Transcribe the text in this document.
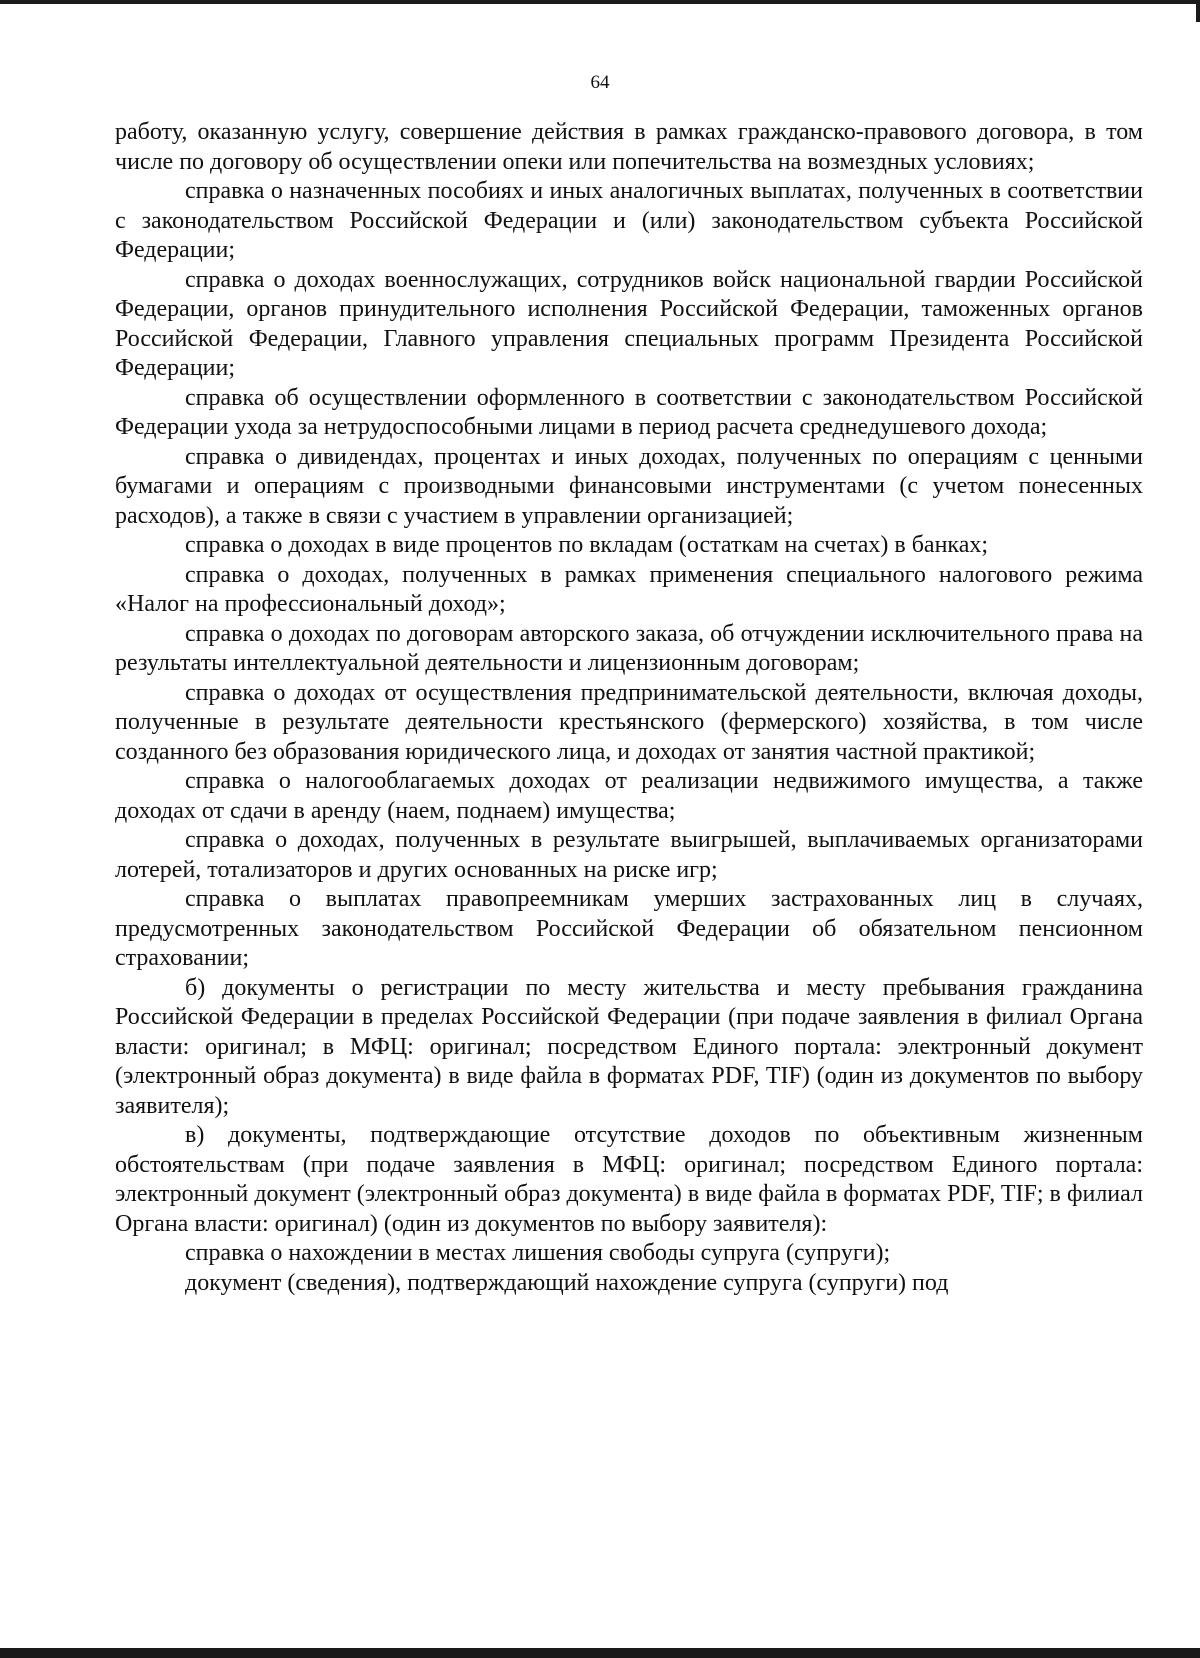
64

работу, оказанную услугу, совершение действия в рамках гражданско-правового договора, в том числе по договору об осуществлении опеки или попечительства на возмездных условиях;

справка о назначенных пособиях и иных аналогичных выплатах, полученных в соответствии с законодательством Российской Федерации и (или) законодательством субъекта Российской Федерации;

справка о доходах военнослужащих, сотрудников войск национальной гвардии Российской Федерации, органов принудительного исполнения Российской Федерации, таможенных органов Российской Федерации, Главного управления специальных программ Президента Российской Федерации;

справка об осуществлении оформленного в соответствии с законодательством Российской Федерации ухода за нетрудоспособными лицами в период расчета среднедушевого дохода;

справка о дивидендах, процентах и иных доходах, полученных по операциям с ценными бумагами и операциям с производными финансовыми инструментами (с учетом понесенных расходов), а также в связи с участием в управлении организацией;

справка о доходах в виде процентов по вкладам (остаткам на счетах) в банках;

справка о доходах, полученных в рамках применения специального налогового режима «Налог на профессиональный доход»;

справка о доходах по договорам авторского заказа, об отчуждении исключительного права на результаты интеллектуальной деятельности и лицензионным договорам;

справка о доходах от осуществления предпринимательской деятельности, включая доходы, полученные в результате деятельности крестьянского (фермерского) хозяйства, в том числе созданного без образования юридического лица, и доходах от занятия частной практикой;

справка о налогооблагаемых доходах от реализации недвижимого имущества, а также доходах от сдачи в аренду (наем, поднаем) имущества;

справка о доходах, полученных в результате выигрышей, выплачиваемых организаторами лотерей, тотализаторов и других основанных на риске игр;

справка о выплатах правопреемникам умерших застрахованных лиц в случаях, предусмотренных законодательством Российской Федерации об обязательном пенсионном страховании;

б) документы о регистрации по месту жительства и месту пребывания гражданина Российской Федерации в пределах Российской Федерации (при подаче заявления в филиал Органа власти: оригинал; в МФЦ: оригинал; посредством Единого портала: электронный документ (электронный образ документа) в виде файла в форматах PDF, TIF) (один из документов по выбору заявителя);

в) документы, подтверждающие отсутствие доходов по объективным жизненным обстоятельствам (при подаче заявления в МФЦ: оригинал; посредством Единого портала: электронный документ (электронный образ документа) в виде файла в форматах PDF, TIF; в филиал Органа власти: оригинал) (один из документов по выбору заявителя):

справка о нахождении в местах лишения свободы супруга (супруги);

документ (сведения), подтверждающий нахождение супруга (супруги) под
